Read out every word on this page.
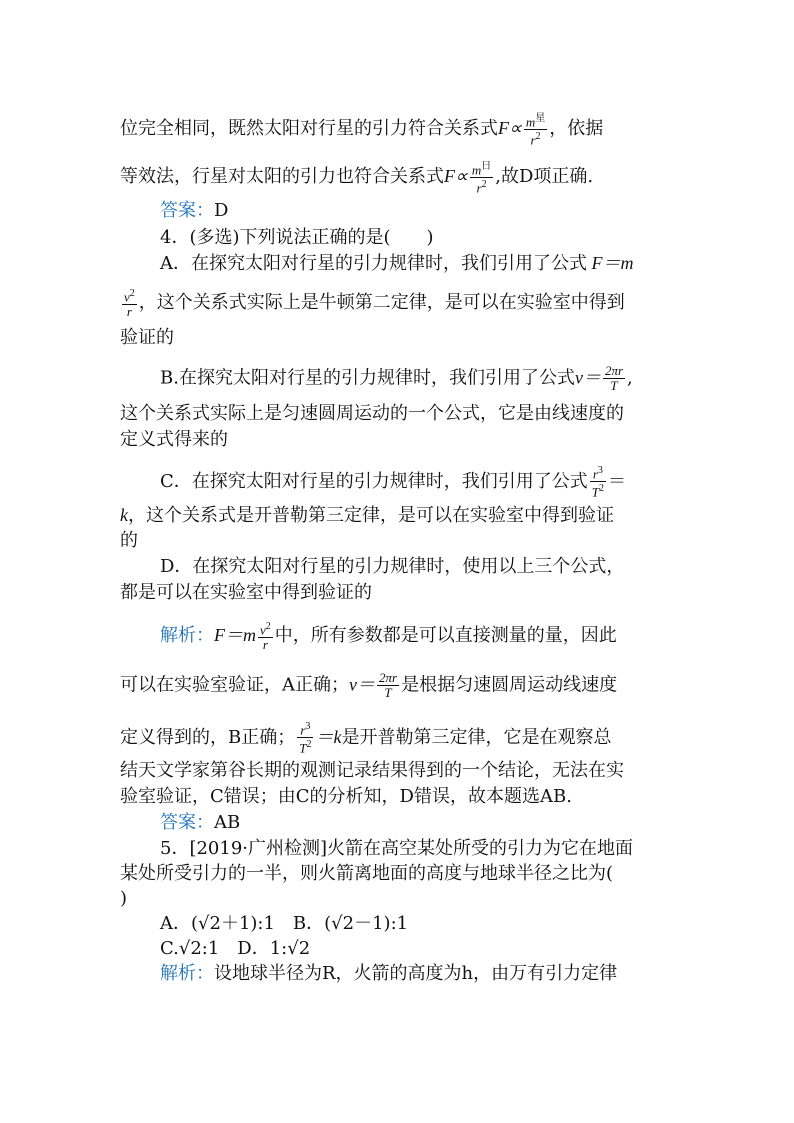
位完全相同，既然太阳对行星的引力符合关系式$F\propto \frac{m^星}{r^2}$ ，依据
等效法，行星对太阳的引力也符合关系式$F\propto \frac{m^日}{r^2}$ ,故D项正确.
答案：D
4．(多选)下列说法正确的是(　　)
A．在探究太阳对行星的引力规律时，我们引用了公式 F＝m
$\frac{v^2}{r}$ ，这个关系式实际上是牛顿第二定律，是可以在实验室中得到
验证的
B.在探究太阳对行星的引力规律时，我们引用了公式$v= \frac{2\pi r}{T}$ ,
这个关系式实际上是匀速圆周运动的一个公式，它是由线速度的
定义式得来的
C．在探究太阳对行星的引力规律时，我们引用了公式 $\frac{r^3}{T^2}$ ＝
k，这个关系式是开普勒第三定律，是可以在实验室中得到验证
的
D．在探究太阳对行星的引力规律时，使用以上三个公式，
都是可以在实验室中得到验证的
解析：$F=m \frac{v^2}{r}$ 中，所有参数都是可以直接测量的量，因此
可以在实验室验证，A正确；$v= \frac{2\pi r}{T}$ 是根据匀速圆周运动线速度
定义得到的，B正确； $\frac{r^3}{T^2} =k$是开普勒第三定律，它是在观察总
结天文学家第谷长期的观测记录结果得到的一个结论，无法在实
验室验证，C错误；由C的分析知，D错误，故本题选AB.
答案：AB
5．[2019·广州检测]火箭在高空某处所受的引力为它在地面
某处所受引力的一半，则火箭离地面的高度与地球半径之比为(
)
A．(√2＋1):1　B．(√2－1):1
C.√2:1　D．1:√2
解析：设地球半径为R，火箭的高度为h，由万有引力定律
